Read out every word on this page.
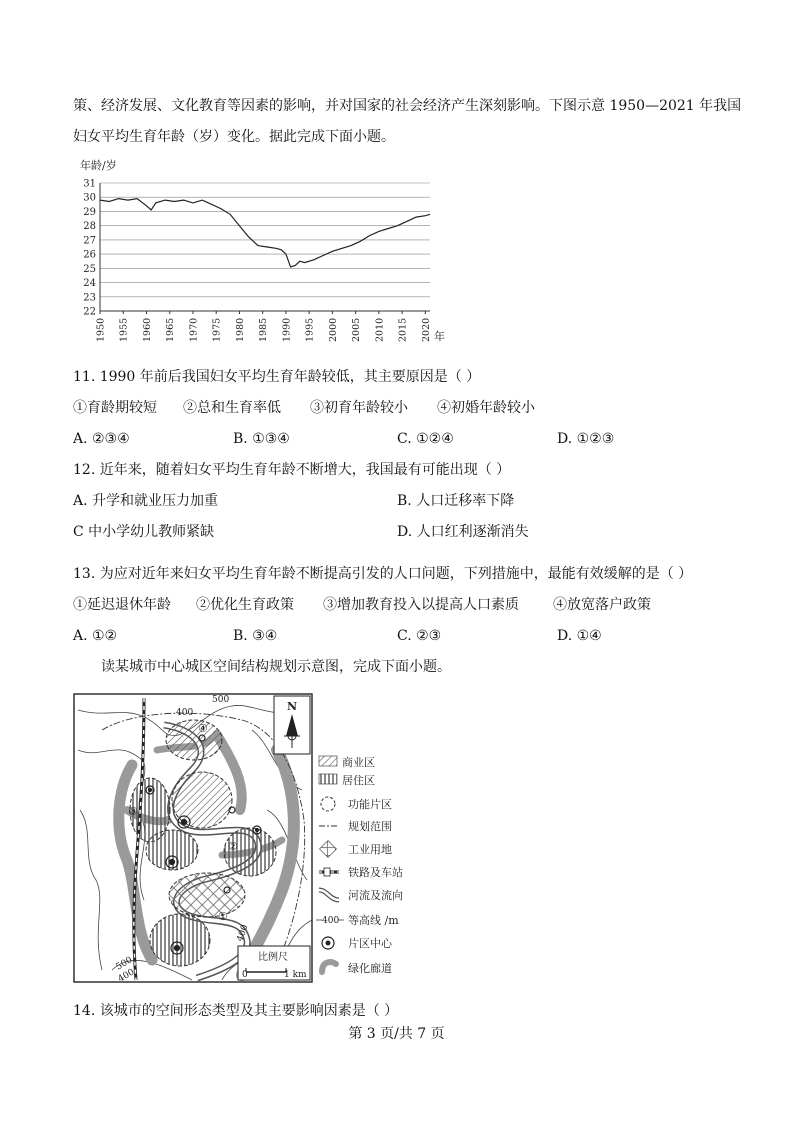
策、经济发展、文化教育等因素的影响，并对国家的社会经济产生深刻影响。下图示意 1950—2021 年我国
妇女平均生育年龄（岁）变化。据此完成下面小题。
年龄/岁
年
31
30
29
28
27
26
25
24
23
22
1950 1955 1960 1965 1970 1975 1980 1985 1990 1995 2000 2005 2010 2015 2020
11. 1990 年前后我国妇女平均生育年龄较低，其主要原因是（ ）
①育龄期较短 ②总和生育率低 ③初育年龄较小 ④初婚年龄较小
A. ②③④	B. ①③④	C. ①②④	D. ①②③
12. 近年来，随着妇女平均生育年龄不断增大，我国最有可能出现（ ）
A. 升学和就业压力加重	B. 人口迁移率下降
C 中小学幼儿教师紧缺	D. 人口红利逐渐消失
13. 为应对近年来妇女平均生育年龄不断提高引发的人口问题，下列措施中，最能有效缓解的是（ ）
①延迟退休年龄 ②优化生育政策 ③增加教育投入以提高人口素质 ④放宽落户政策
A. ①②	B. ③④	C. ②③	D. ①④
读某城市中心城区空间结构规划示意图，完成下面小题。
500
400
400
500
400
①
②
③
④
N
比例尺
0	1 km
商业区
居住区
功能片区
规划范围
工业用地
铁路及车站
河流及流向
400 等高线 /m
片区中心
绿化廊道
14. 该城市的空间形态类型及其主要影响因素是（ ）
第 3 页/共 7 页
